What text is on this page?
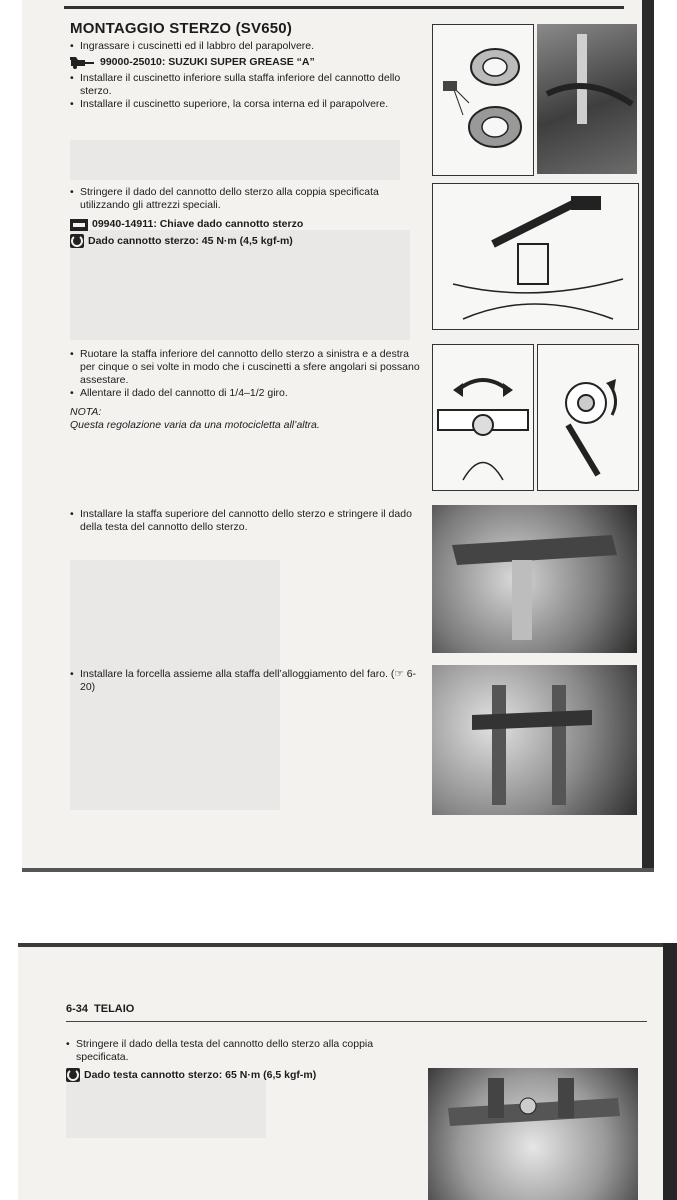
MONTAGGIO STERZO (SV650)
• Ingrassare i cuscinetti ed il labbro del parapolvere.
99000-25010: SUZUKI SUPER GREASE “A”
• Installare il cuscinetto inferiore sulla staffa inferiore del cannotto dello sterzo.
• Installare il cuscinetto superiore, la corsa interna ed il parapolvere.
• Stringere il dado del cannotto dello sterzo alla coppia specificata utilizzando gli attrezzi speciali.
09940-14911: Chiave dado cannotto sterzo
Dado cannotto sterzo: 45 N·m (4,5 kgf-m)
• Ruotare la staffa inferiore del cannotto dello sterzo a sinistra e a destra per cinque o sei volte in modo che i cuscinetti a sfere angolari si possano assestare.
• Allentare il dado del cannotto di 1/4–1/2 giro.
NOTA:
Questa regolazione varia da una motocicletta all’altra.
• Installare la staffa superiore del cannotto dello sterzo e stringere il dado della testa del cannotto dello sterzo.
• Installare la forcella assieme alla staffa dell’alloggiamento del faro. (☞ 6-20)
6-34 TELAIO
• Stringere il dado della testa del cannotto dello sterzo alla coppia specificata.
Dado testa cannotto sterzo: 65 N·m (6,5 kgf-m)
